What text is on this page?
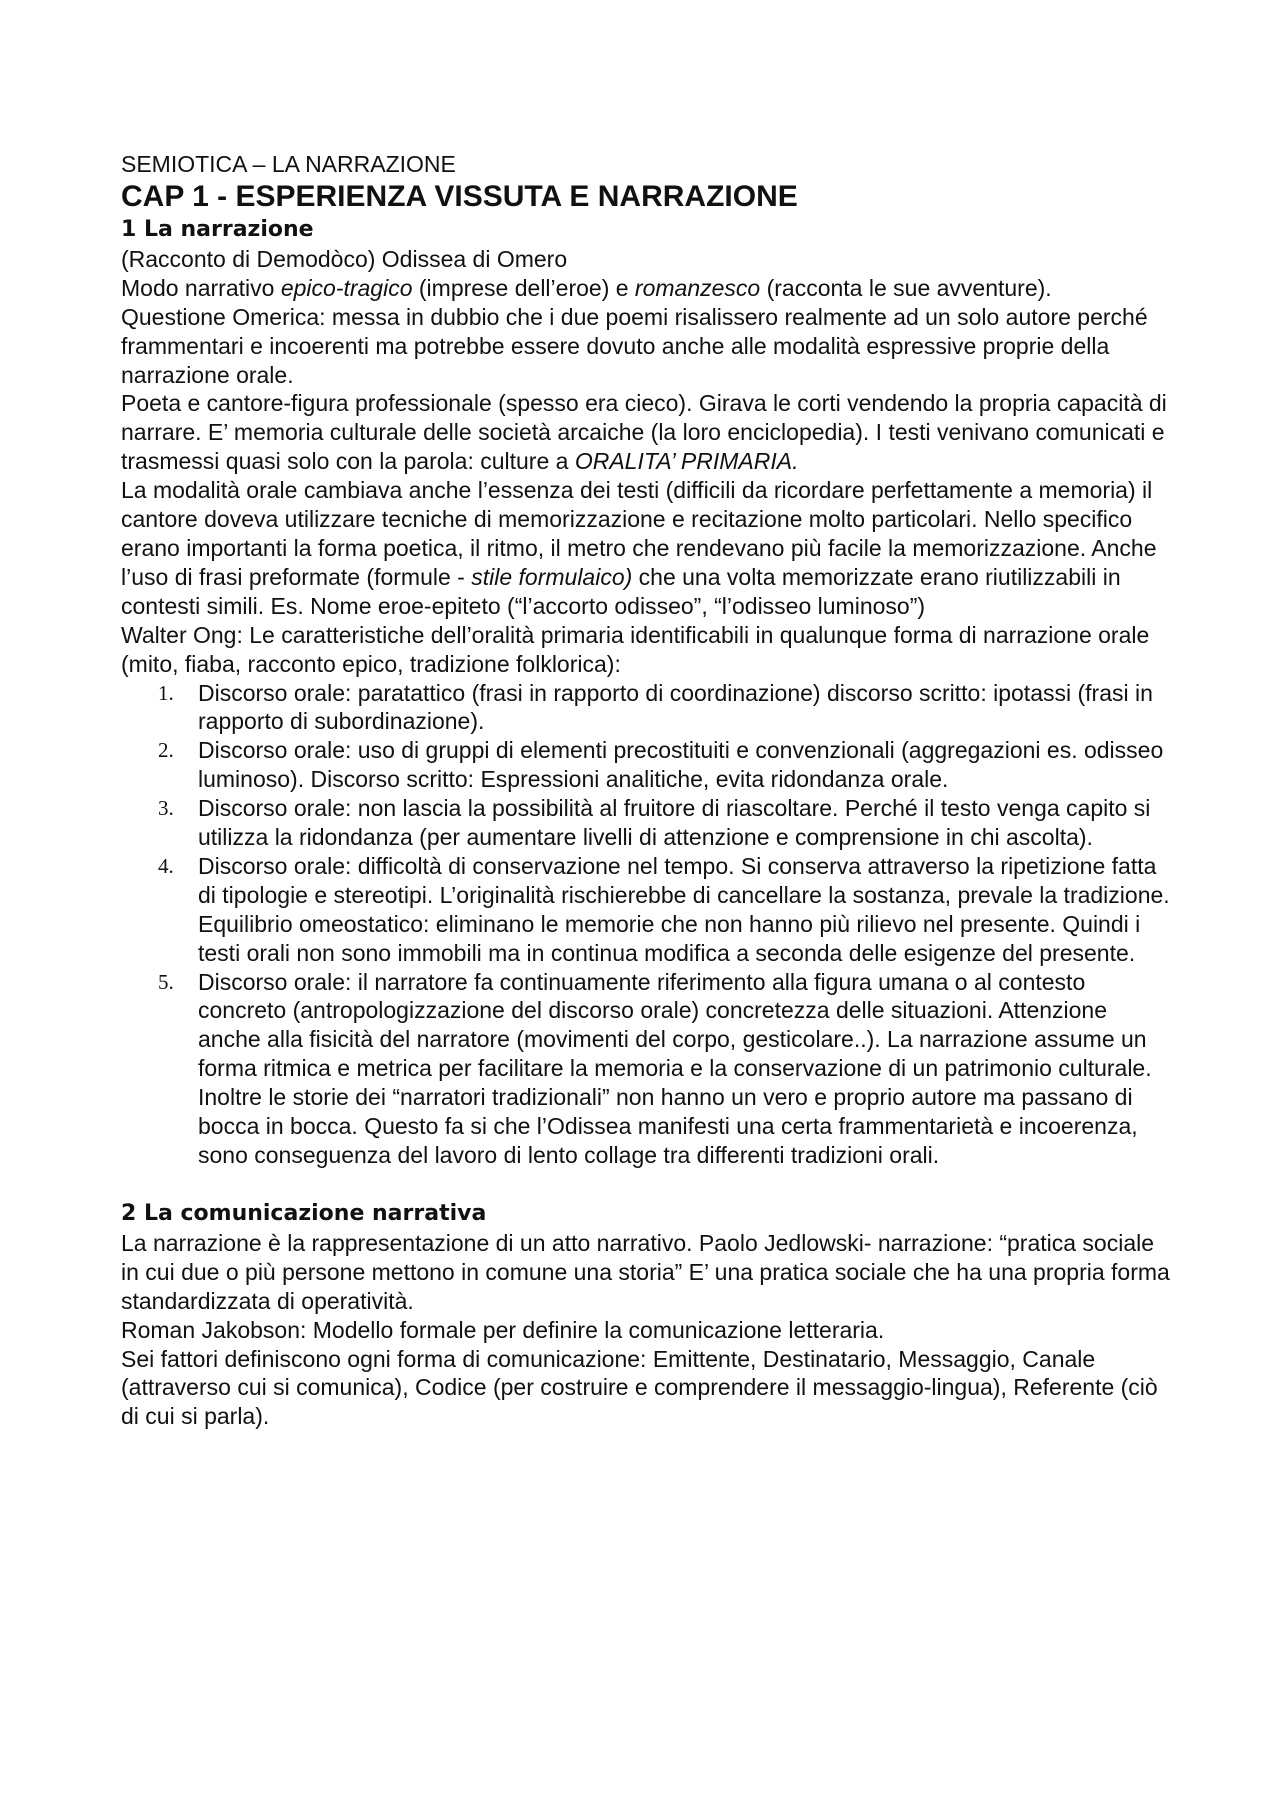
SEMIOTICA – LA NARRAZIONE

CAP 1 - ESPERIENZA VISSUTA E NARRAZIONE

1 La narrazione

(Racconto di Demodòco) Odissea di Omero

Modo narrativo epico-tragico (imprese dell’eroe) e romanzesco (racconta le sue avventure).

Questione Omerica: messa in dubbio che i due poemi risalissero realmente ad un solo autore perché frammentari e incoerenti ma potrebbe essere dovuto anche alle modalità espressive proprie della narrazione orale.

Poeta e cantore-figura professionale (spesso era cieco). Girava le corti vendendo la propria capacità di narrare. E’ memoria culturale delle società arcaiche (la loro enciclopedia). I testi venivano comunicati e trasmessi quasi solo con la parola: culture a ORALITA’ PRIMARIA.

La modalità orale cambiava anche l’essenza dei testi (difficili da ricordare perfettamente a memoria) il cantore doveva utilizzare tecniche di memorizzazione e recitazione molto particolari. Nello specifico erano importanti la forma poetica, il ritmo, il metro che rendevano più facile la memorizzazione. Anche l’uso di frasi preformate (formule - stile formulaico) che una volta memorizzate erano riutilizzabili in contesti simili. Es. Nome eroe-epiteto (“l’accorto odisseo”, “l’odisseo luminoso”)

Walter Ong: Le caratteristiche dell’oralità primaria identificabili in qualunque forma di narrazione orale (mito, fiaba, racconto epico, tradizione folklorica):

1. Discorso orale: paratattico (frasi in rapporto di coordinazione) discorso scritto: ipotassi (frasi in rapporto di subordinazione).
2. Discorso orale: uso di gruppi di elementi precostituiti e convenzionali (aggregazioni es. odisseo luminoso). Discorso scritto: Espressioni analitiche, evita ridondanza orale.
3. Discorso orale: non lascia la possibilità al fruitore di riascoltare. Perché il testo venga capito si utilizza la ridondanza (per aumentare livelli di attenzione e comprensione in chi ascolta).
4. Discorso orale: difficoltà di conservazione nel tempo. Si conserva attraverso la ripetizione fatta di tipologie e stereotipi. L’originalità rischierebbe di cancellare la sostanza, prevale la tradizione. Equilibrio omeostatico: eliminano le memorie che non hanno più rilievo nel presente. Quindi i testi orali non sono immobili ma in continua modifica a seconda delle esigenze del presente.
5. Discorso orale: il narratore fa continuamente riferimento alla figura umana o al contesto concreto (antropologizzazione del discorso orale) concretezza delle situazioni. Attenzione anche alla fisicità del narratore (movimenti del corpo, gesticolare..). La narrazione assume un forma ritmica e metrica per facilitare la memoria e la conservazione di un patrimonio culturale.

Inoltre le storie dei “narratori tradizionali” non hanno un vero e proprio autore ma passano di bocca in bocca. Questo fa si che l’Odissea manifesti una certa frammentarietà e incoerenza, sono conseguenza del lavoro di lento collage tra differenti tradizioni orali.

2 La comunicazione narrativa

La narrazione è la rappresentazione di un atto narrativo. Paolo Jedlowski- narrazione: “pratica sociale in cui due o più persone mettono in comune una storia” E’ una pratica sociale che ha una propria forma standardizzata di operatività.

Roman Jakobson: Modello formale per definire la comunicazione letteraria.

Sei fattori definiscono ogni forma di comunicazione: Emittente, Destinatario, Messaggio, Canale (attraverso cui si comunica), Codice (per costruire e comprendere il messaggio-lingua), Referente (ciò di cui si parla).
